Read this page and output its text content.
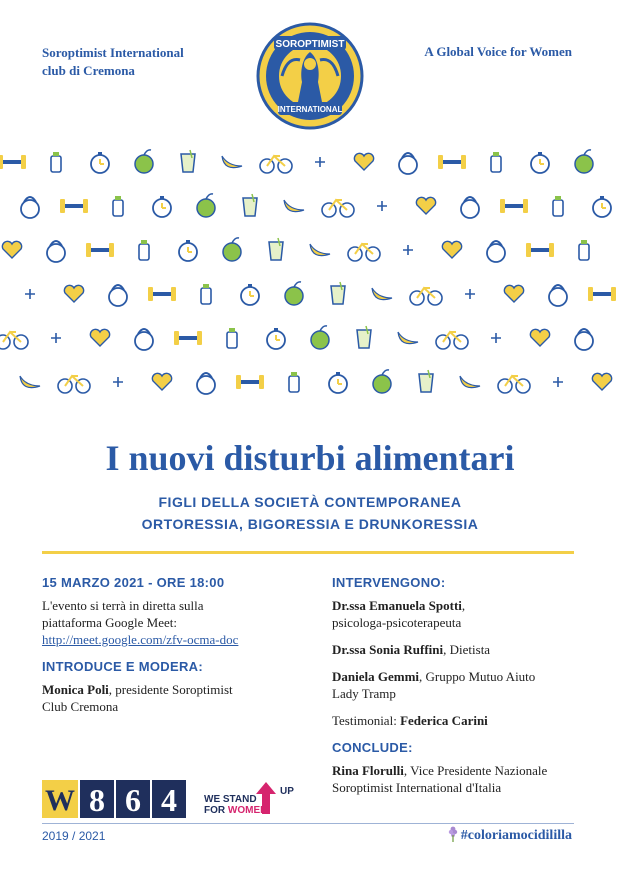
Soroptimist International
club di Cremona
SOROPTIMIST
INTERNATIONAL
A Global Voice for Women
I nuovi disturbi alimentari
FIGLI DELLA SOCIETÀ CONTEMPORANEA
ORTORESSIA, BIGORESSIA E DRUNKORESSIA
15 MARZO 2021 - ORE 18:00
L'evento si terrà in diretta sulla
piattaforma Google Meet:
http://meet.google.com/zfv-ocma-doc
INTRODUCE E MODERA:
Monica Poli, presidente Soroptimist
Club Cremona
INTERVENGONO:
Dr.ssa Emanuela Spotti,
psicologa-psicoterapeuta
Dr.ssa Sonia Ruffini, Dietista
Daniela Gemmi, Gruppo Mutuo Aiuto
Lady Tramp
Testimonial: Federica Carini
CONCLUDE:
Rina Florulli, Vice Presidente Nazionale
Soroptimist International d'Italia
W 8 6 4	WE STAND
UP
FOR WOMEN!
2019 / 2021	#coloriamocidililla
